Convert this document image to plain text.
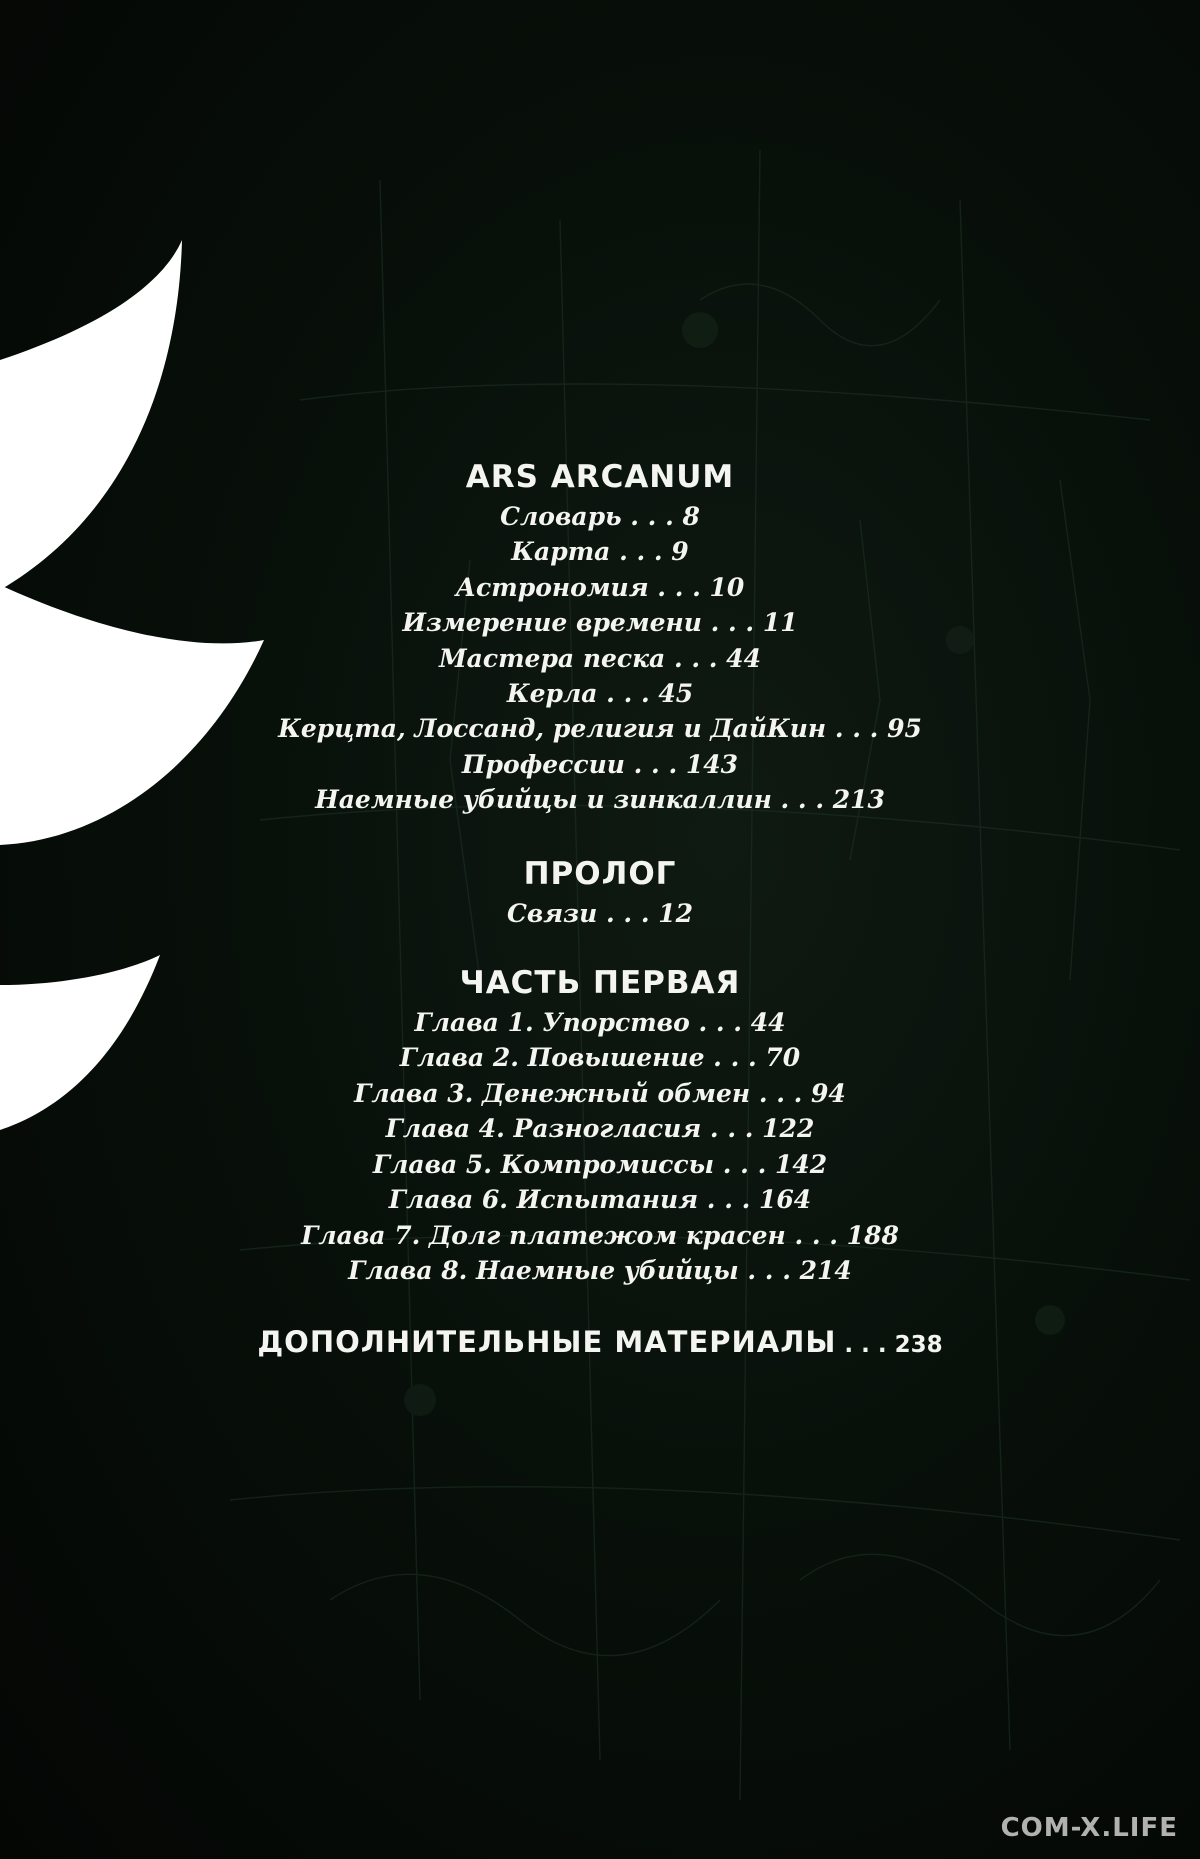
ARS ARCANUM

Словарь . . . 8

Карта . . . 9

Астрономия . . . 10

Измерение времени . . . 11

Мастера песка . . . 44

Керла . . . 45

Керцта, Лоссанд, религия и ДайКин . . . 95

Профессии . . . 143

Наемные убийцы и зинкаллин . . . 213

ПРОЛОГ

Связи . . . 12

ЧАСТЬ ПЕРВАЯ

Глава 1. Упорство . . . 44

Глава 2. Повышение . . . 70

Глава 3. Денежный обмен . . . 94

Глава 4. Разногласия . . . 122

Глава 5. Компромиссы . . . 142

Глава 6. Испытания . . . 164

Глава 7. Долг платежом красен . . . 188

Глава 8. Наемные убийцы . . . 214

ДОПОЛНИТЕЛЬНЫЕ МАТЕРИАЛЫ . . . 238

COM-X.LIFE
